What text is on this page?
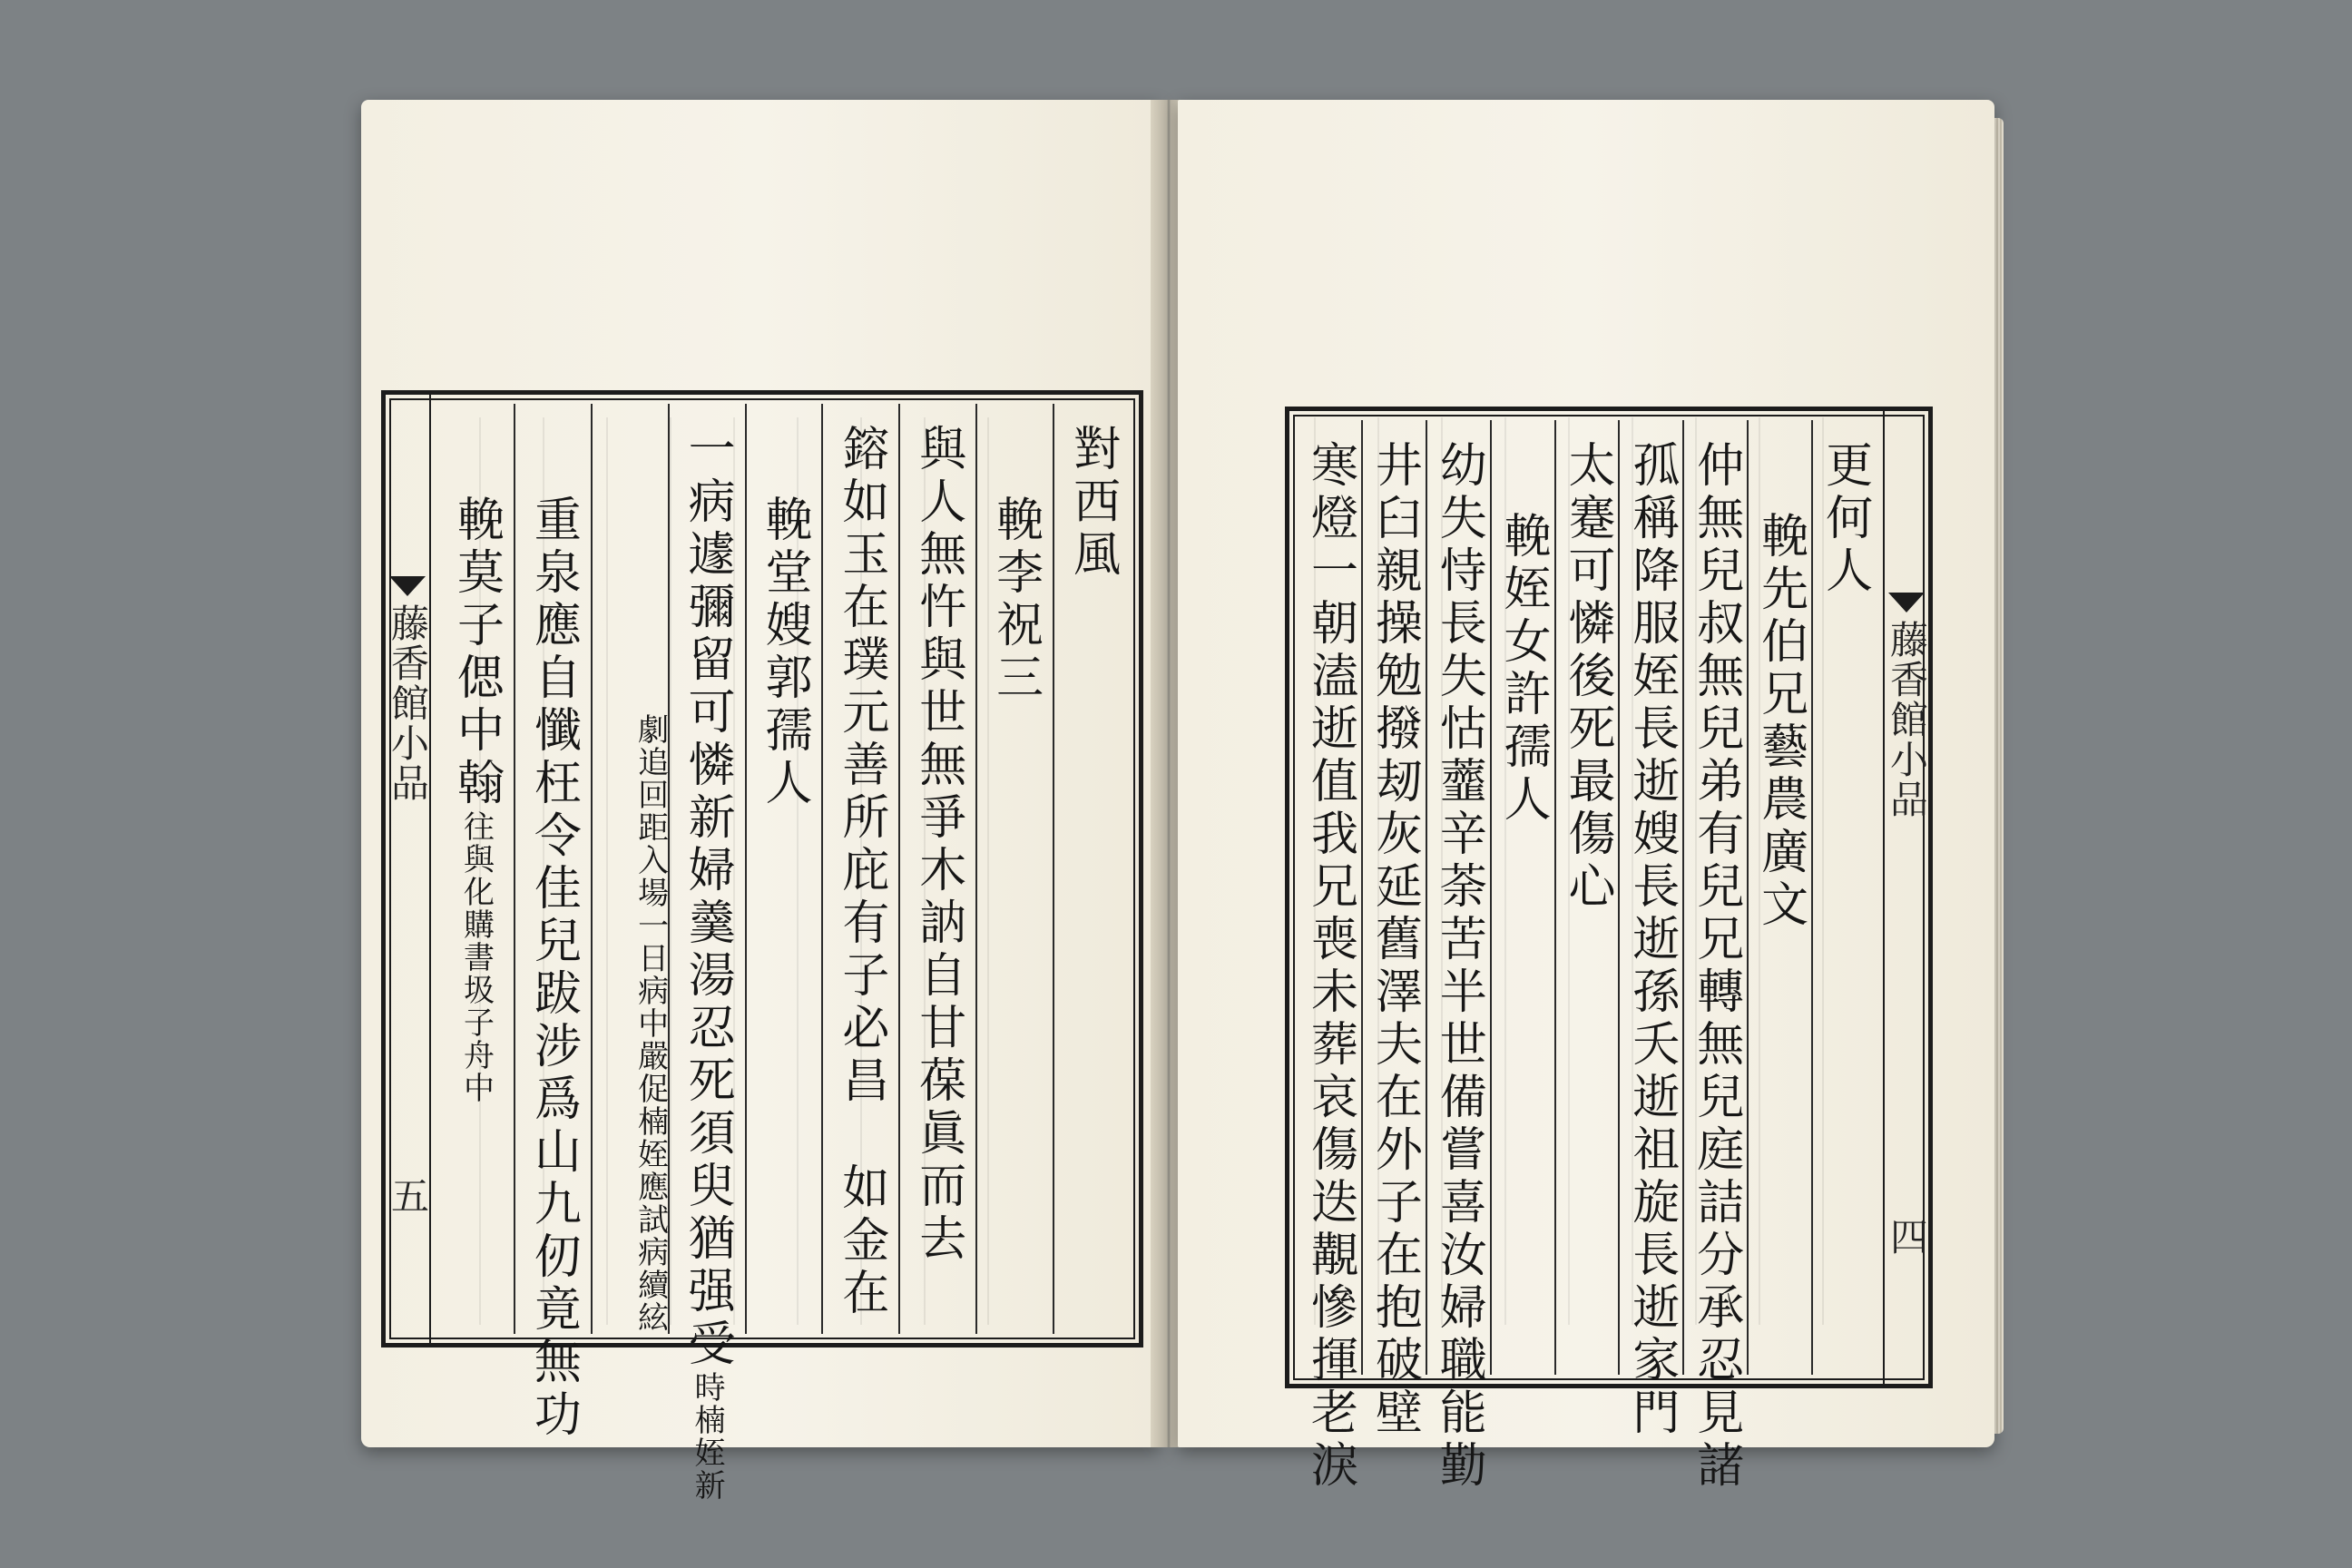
藤香館小品
五
對西風
輓李祝三
與人無忤與世無爭木訥自甘葆眞而去
鎔如玉在璞元善所庇有子必昌
如金在
輓堂嫂郭孺人
一病遽彌留可憐新婦羹湯忍死須臾猶强受
時楠姪新
續絃
病中嚴促楠姪應試病
劇追回距入場一日
重泉應自懺枉令佳兒跋涉爲山九仞竟無功
輓莫子偲中翰
往與化購書圾子舟中
藤香館小品
四
更何人
輓先伯兄藝農廣文
仲無兒叔無兒弟有兒兄轉無兒庭詰分承忍見諸
孤稱降服
姪長逝嫂長逝孫夭逝祖旋長逝家門
太蹇可憐後死最傷心
輓姪女許孺人
幼失恃長失怙虀辛荼苦半世備嘗喜汝婦職能勤
井臼親操勉撥刼灰延舊澤
夫在外子在抱破壁
寒燈一朝溘逝值我兄喪未葬哀傷迭覯慘揮老淚
